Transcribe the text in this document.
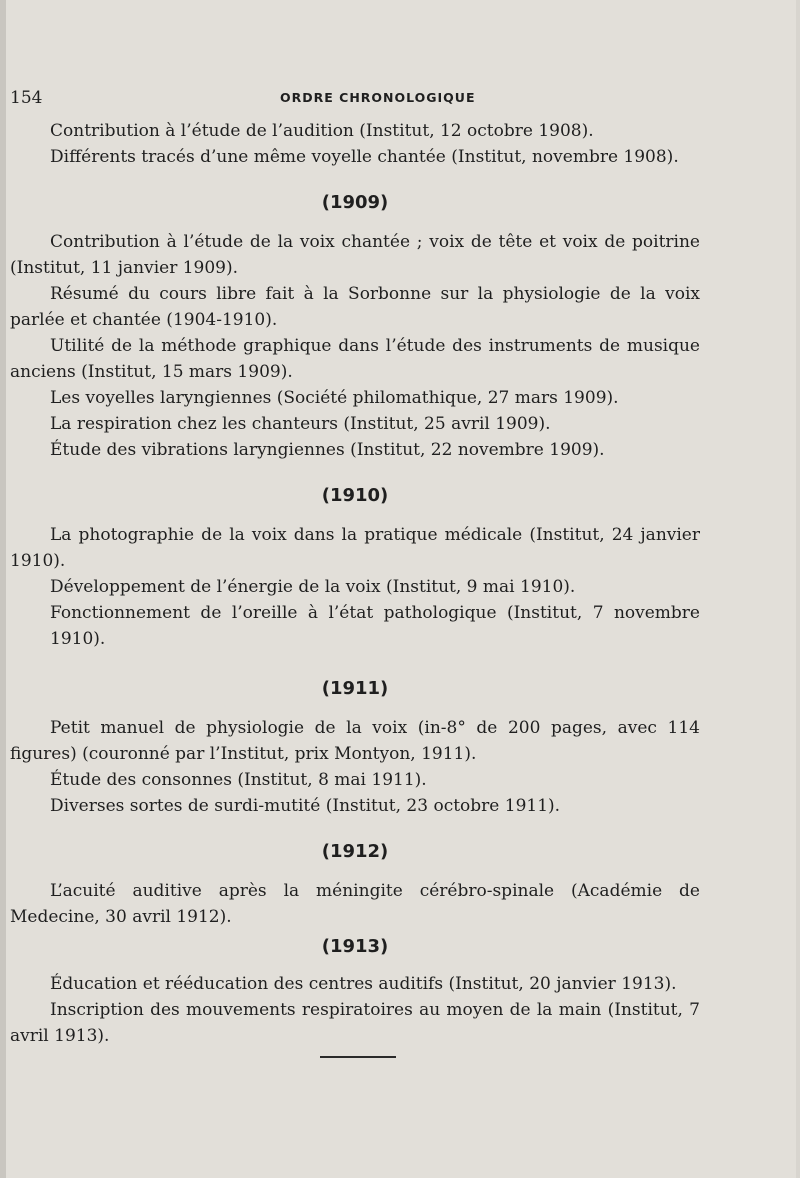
154	ORDRE CHRONOLOGIQUE

Contribution à l’étude de l’audition (Institut, 12 octobre 1908).

Différents tracés d’une même voyelle chantée (Institut, novembre 1908).

(1909)

Contribution à l’étude de la voix chantée ; voix de tête et voix de poitrine (Institut, 11 janvier 1909).

Résumé du cours libre fait à la Sorbonne sur la physiologie de la voix parlée et chantée (1904-1910).

Utilité de la méthode graphique dans l’étude des instruments de musique anciens (Institut, 15 mars 1909).

Les voyelles laryngiennes (Société philomathique, 27 mars 1909).

La respiration chez les chanteurs (Institut, 25 avril 1909).

Étude des vibrations laryngiennes (Institut, 22 novembre 1909).

(1910)

La photographie de la voix dans la pratique médicale (Institut, 24 janvier 1910).

Développement de l’énergie de la voix (Institut, 9 mai 1910).

Fonctionnement de l’oreille à l’état pathologique (Institut, 7 novembre 1910).

(1911)

Petit manuel de physiologie de la voix (in-8° de 200 pages, avec 114 figures) (couronné par l’Institut, prix Montyon, 1911).

Étude des consonnes (Institut, 8 mai 1911).

Diverses sortes de surdi-mutité (Institut, 23 octobre 1911).

(1912)

L’acuité auditive après la méningite cérébro-spinale (Académie de Medecine, 30 avril 1912).

(1913)

Éducation et rééducation des centres auditifs (Institut, 20 janvier 1913).

Inscription des mouvements respiratoires au moyen de la main (Institut, 7 avril 1913).
